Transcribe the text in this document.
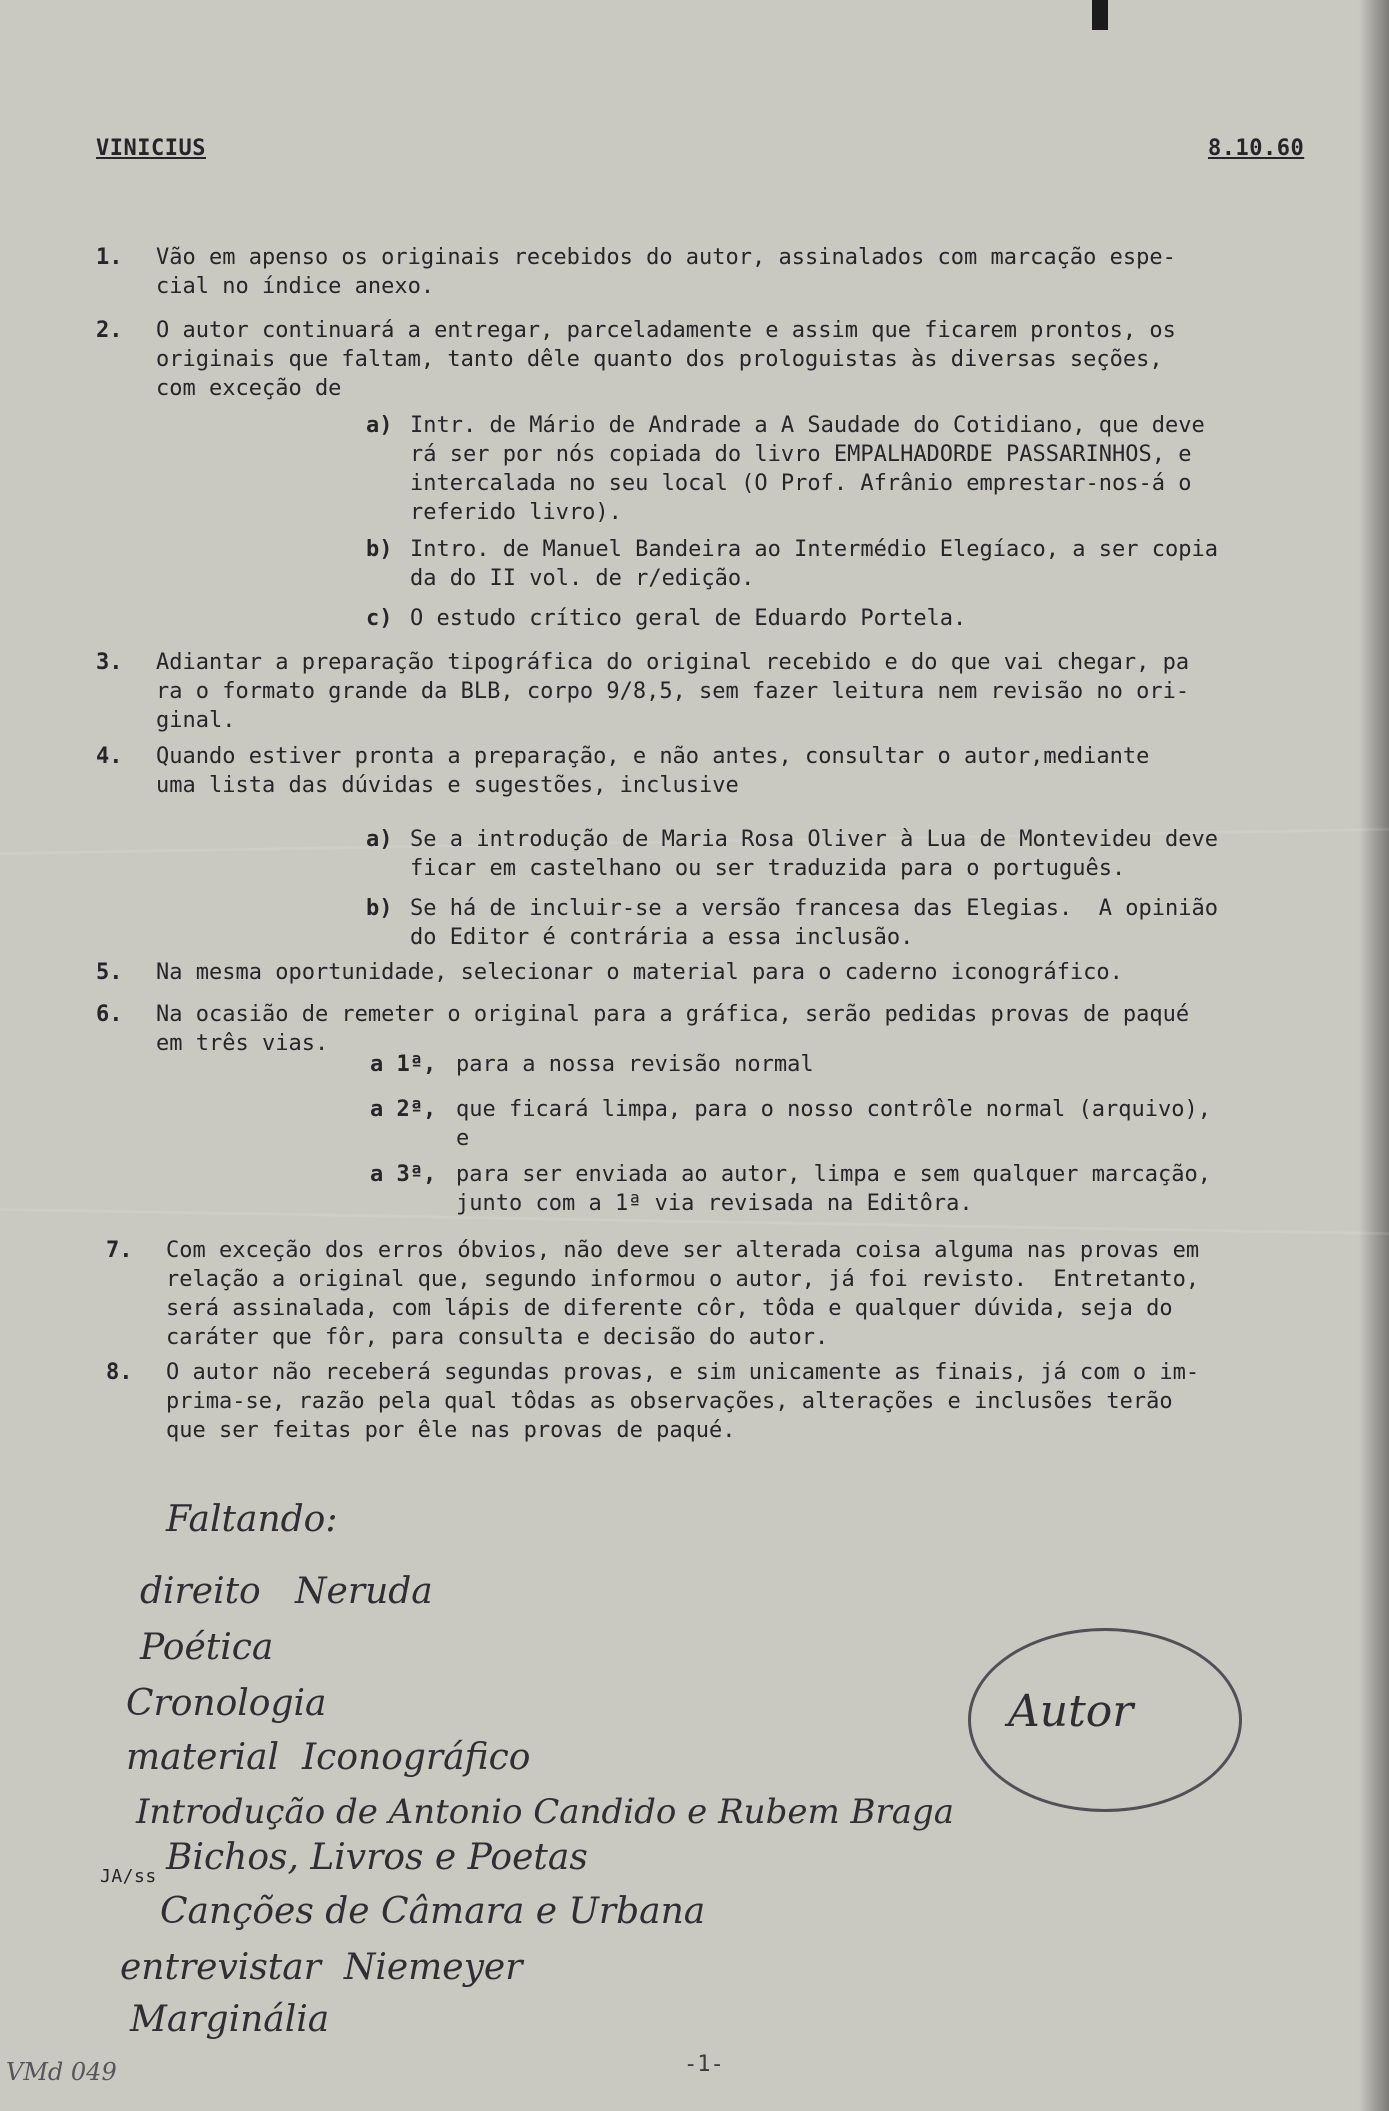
VINICIUS	8.10.60
1. Vão em apenso os originais recebidos do autor, assinalados com marcação espe-
cial no índice anexo.
2. O autor continuará a entregar, parceladamente e assim que ficarem prontos, os
originais que faltam, tanto dêle quanto dos prologuistas às diversas seções,
com exceção de
a) Intr. de Mário de Andrade a A Saudade do Cotidiano, que deve
rá ser por nós copiada do livro EMPALHADORDE PASSARINHOS, e
intercalada no seu local (O Prof. Afrânio emprestar-nos-á o
referido livro).
b) Intro. de Manuel Bandeira ao Intermédio Elegíaco, a ser copia
da do II vol. de r/edição.
c) O estudo crítico geral de Eduardo Portela.
3. Adiantar a preparação tipográfica do original recebido e do que vai chegar, pa
ra o formato grande da BLB, corpo 9/8,5, sem fazer leitura nem revisão no ori-
ginal.
4. Quando estiver pronta a preparação, e não antes, consultar o autor,mediante
uma lista das dúvidas e sugestões, inclusive
a) Se a introdução de Maria Rosa Oliver à Lua de Montevideu deve
ficar em castelhano ou ser traduzida para o português.
b) Se há de incluir-se a versão francesa das Elegias.  A opinião
do Editor é contrária a essa inclusão.
5. Na mesma oportunidade, selecionar o material para o caderno iconográfico.
6. Na ocasião de remeter o original para a gráfica, serão pedidas provas de paqué
em três vias.
a 1ª, para a nossa revisão normal
a 2ª, que ficará limpa, para o nosso contrôle normal (arquivo),
e
a 3ª, para ser enviada ao autor, limpa e sem qualquer marcação,
junto com a 1ª via revisada na Editôra.
7. Com exceção dos erros óbvios, não deve ser alterada coisa alguma nas provas em
relação a original que, segundo informou o autor, já foi revisto.  Entretanto,
será assinalada, com lápis de diferente côr, tôda e qualquer dúvida, seja do
caráter que fôr, para consulta e decisão do autor.
8. O autor não receberá segundas provas, e sim unicamente as finais, já com o im-
prima-se, razão pela qual tôdas as observações, alterações e inclusões terão
que ser feitas por êle nas provas de paqué.
Faltando:
direito   Neruda
Poética
Cronologia
material  Iconográfico
Introdução de Antonio Candido e Rubem Braga
JA/ss Bichos, Livros e Poetas
Canções de Câmara e Urbana
entrevistar  Niemeyer
Marginália
Autor
-1-
VMd 049
